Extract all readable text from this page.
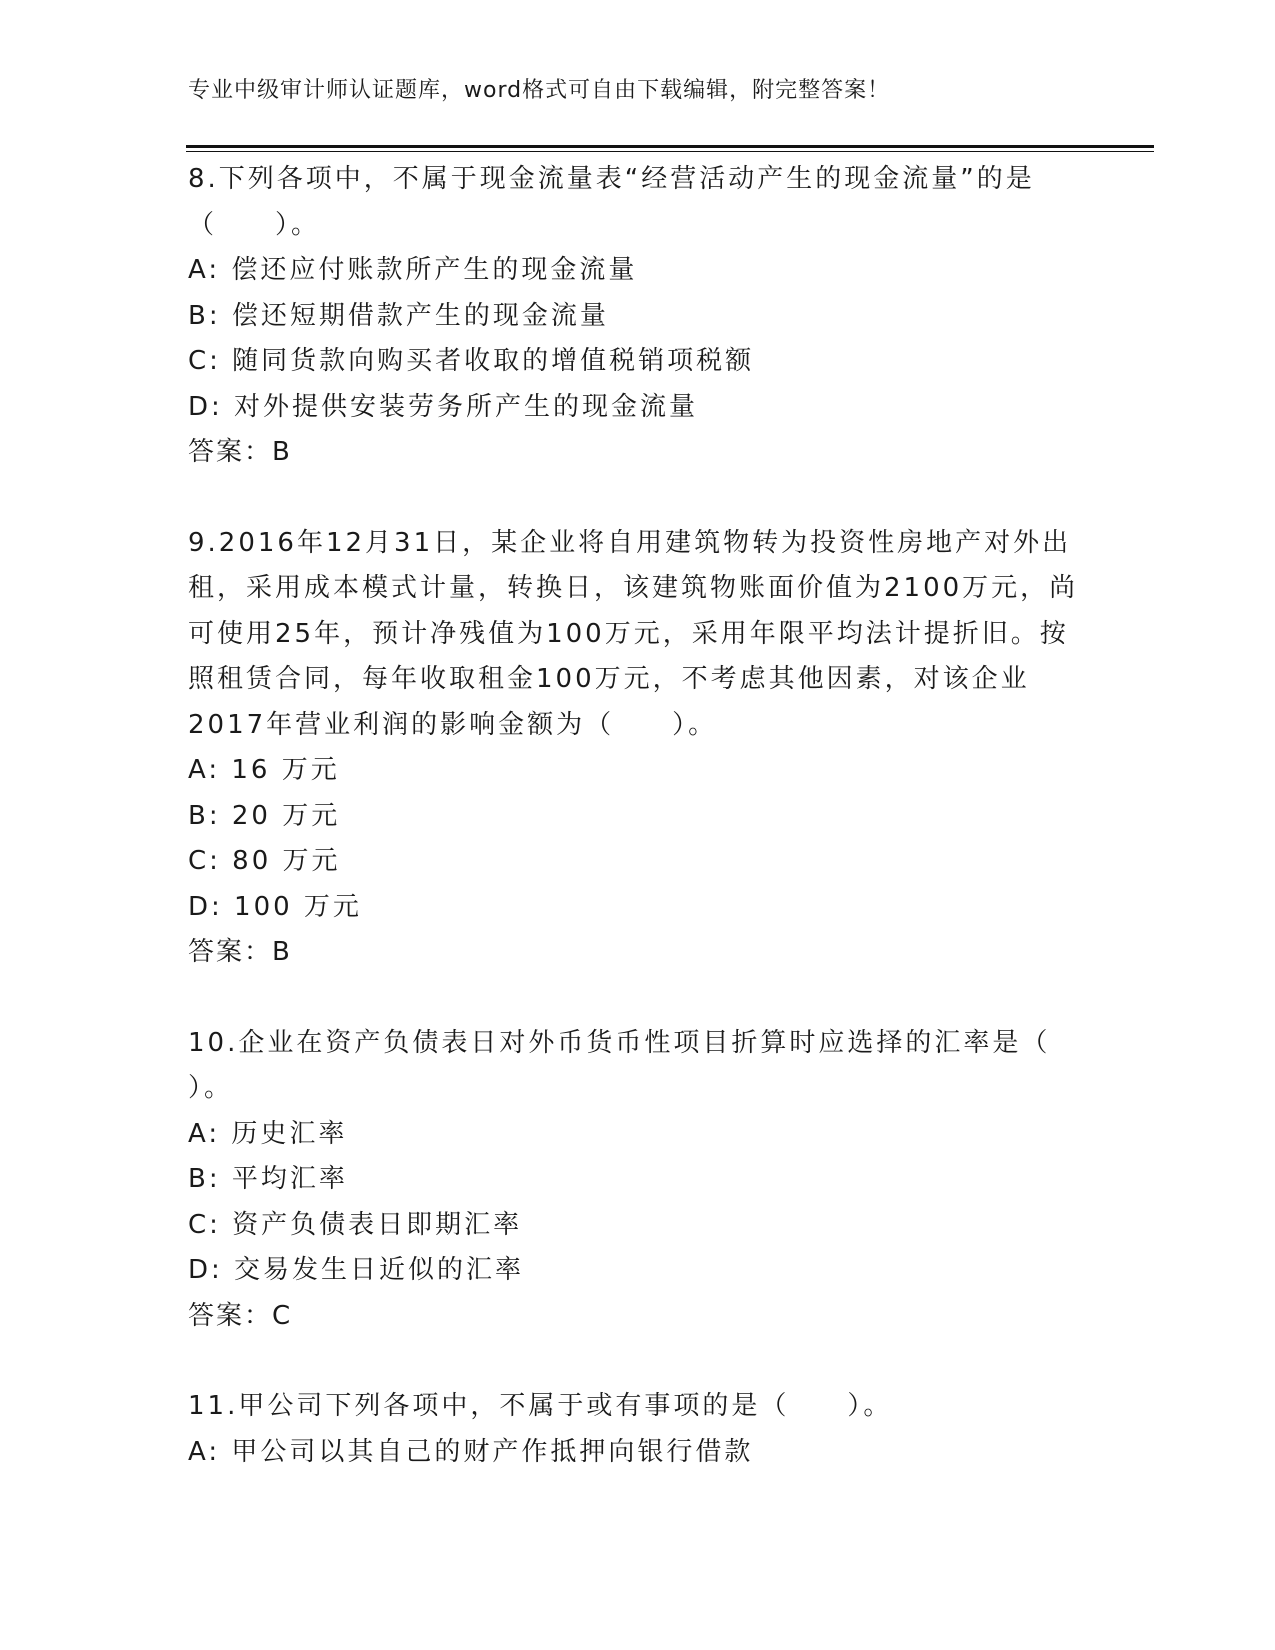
专业中级审计师认证题库，word格式可自由下载编辑，附完整答案！
8.下列各项中，不属于现金流量表“经营活动产生的现金流量”的是
（　　）。
A: 偿还应付账款所产生的现金流量
B: 偿还短期借款产生的现金流量
C: 随同货款向购买者收取的增值税销项税额
D: 对外提供安装劳务所产生的现金流量
答案：B
9.2016年12月31日，某企业将自用建筑物转为投资性房地产对外出
租，采用成本模式计量，转换日，该建筑物账面价值为2100万元，尚
可使用25年，预计净残值为100万元，采用年限平均法计提折旧。按
照租赁合同，每年收取租金100万元，不考虑其他因素，对该企业
2017年营业利润的影响金额为（　　）。
A: 16 万元
B: 20 万元
C: 80 万元
D: 100 万元
答案：B
10.企业在资产负债表日对外币货币性项目折算时应选择的汇率是（
）。
A: 历史汇率
B: 平均汇率
C: 资产负债表日即期汇率
D: 交易发生日近似的汇率
答案：C
11.甲公司下列各项中，不属于或有事项的是（　　）。
A: 甲公司以其自己的财产作抵押向银行借款
